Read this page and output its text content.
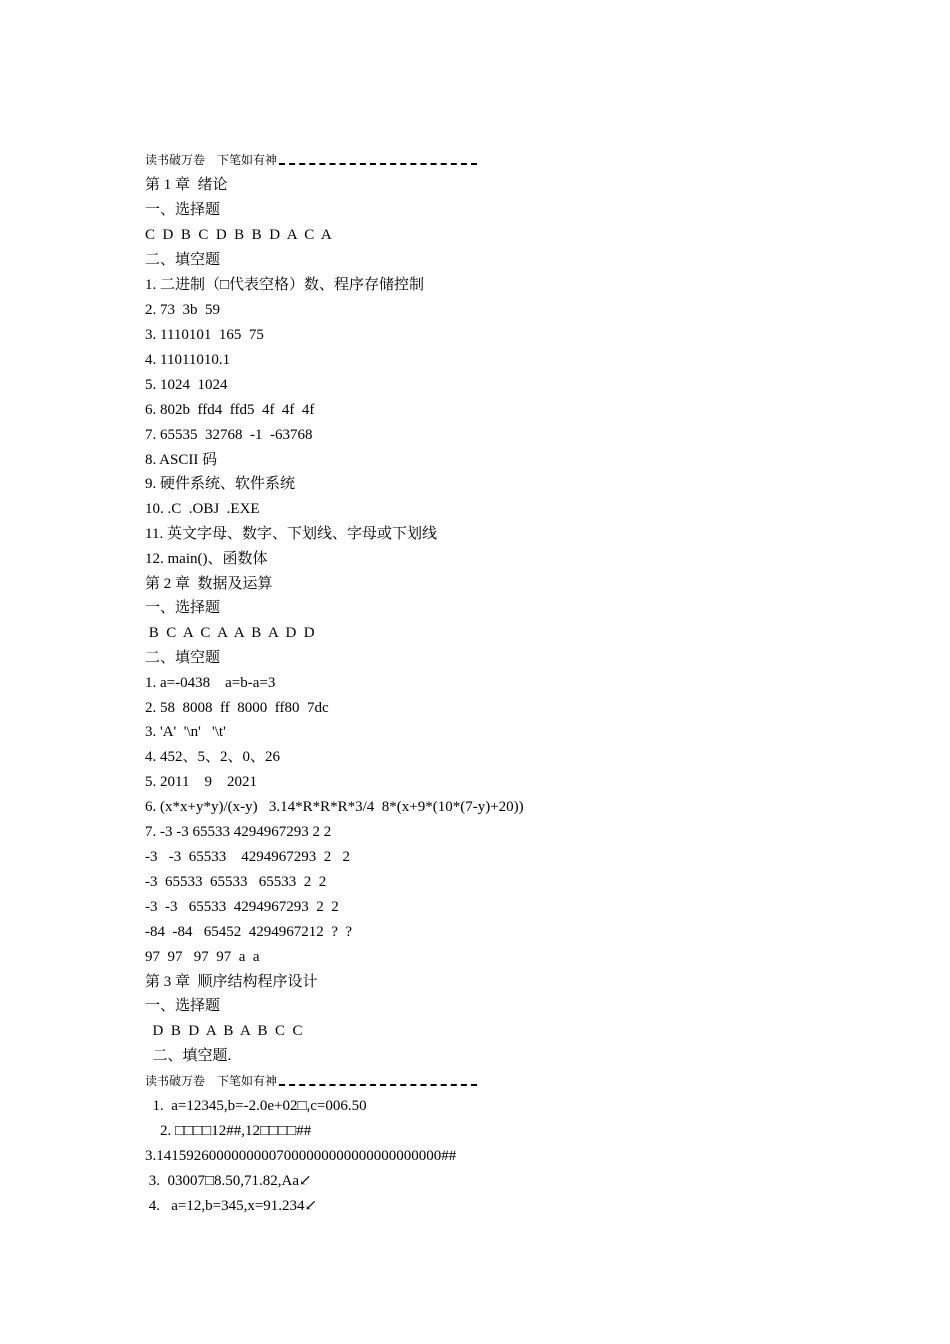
读书破万卷    下笔如有神
第 1 章  绪论
一、选择题
C  D  B  C  D  B  B  D  A  C  A
二、填空题
1. 二进制（□代表空格）数、程序存储控制
2. 73  3b  59
3. 1110101  165  75
4. 11011010.1
5. 1024  1024
6. 802b  ffd4  ffd5  4f  4f  4f
7. 65535  32768  -1  -63768
8. ASCII 码
9. 硬件系统、软件系统
10. .C  .OBJ  .EXE
11. 英文字母、数字、下划线、字母或下划线
12. main()、函数体
第 2 章  数据及运算
一、选择题
B  C  A  C  A  A  B  A  D  D
二、填空题
1. a=-0438    a=b-a=3
2. 58  8008  ff  8000  ff80  7dc
3. 'A'  '\n'   '\t'
4. 452、5、2、0、26
5. 2011    9    2021
6. (x*x+y*y)/(x-y)   3.14*R*R*R*3/4  8*(x+9*(10*(7-y)+20))
7. -3 -3 65533 4294967293 2 2
-3   -3  65533    4294967293  2   2
-3  65533  65533   65533  2  2
-3  -3   65533  4294967293  2  2
-84  -84   65452  4294967212  ?  ?
97  97   97  97  a  a
第 3 章  顺序结构程序设计
一、选择题
D  B  D  A  B  A  B  C  C
二、填空题.
读书破万卷    下笔如有神
1.  a=12345,b=-2.0e+02□,c=006.50
2. □□□□12##,12□□□□##
3.14159260000000007000000000000000000000##
3.  03007□8.50,71.82,Aa↙
4.   a=12,b=345,x=91.234↙
